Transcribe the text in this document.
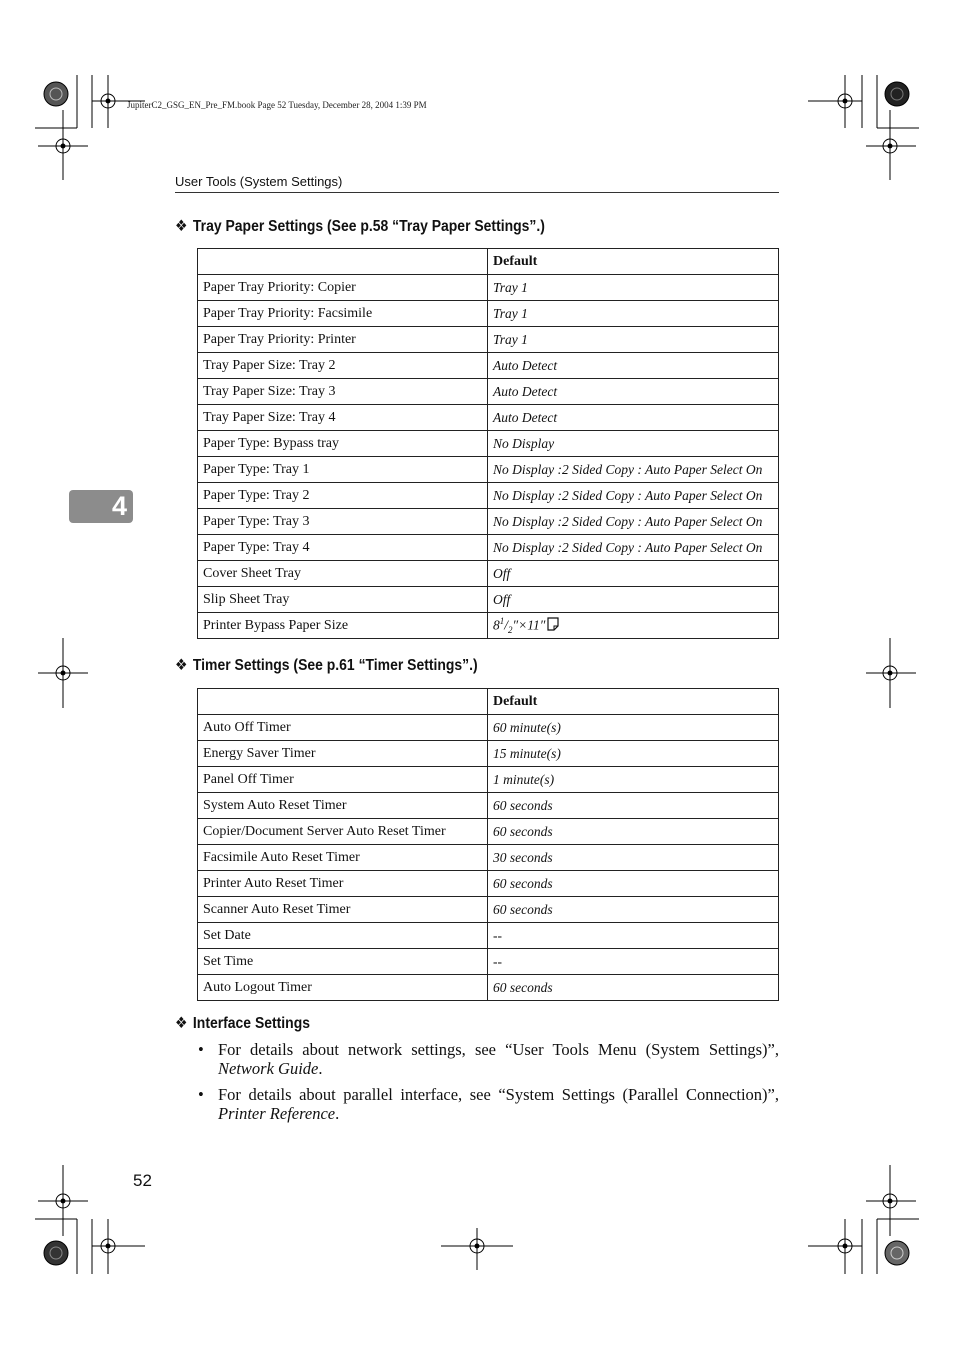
JupiterC2_GSG_EN_Pre_FM.book Page 52 Tuesday, December 28, 2004 1:39 PM
User Tools (System Settings)
4
❖ Tray Paper Settings (See p.58 “Tray Paper Settings”.)
	Default
Paper Tray Priority: Copier	Tray 1
Paper Tray Priority: Facsimile	Tray 1
Paper Tray Priority: Printer	Tray 1
Tray Paper Size: Tray 2	Auto Detect
Tray Paper Size: Tray 3	Auto Detect
Tray Paper Size: Tray 4	Auto Detect
Paper Type: Bypass tray	No Display
Paper Type: Tray 1	No Display :2 Sided Copy : Auto Paper Select On
Paper Type: Tray 2	No Display :2 Sided Copy : Auto Paper Select On
Paper Type: Tray 3	No Display :2 Sided Copy : Auto Paper Select On
Paper Type: Tray 4	No Display :2 Sided Copy : Auto Paper Select On
Cover Sheet Tray	Off
Slip Sheet Tray	Off
Printer Bypass Paper Size	$8^1/_2''\times 11''$
❖ Timer Settings (See p.61 “Timer Settings”.)
	Default
Auto Off Timer	60 minute(s)
Energy Saver Timer	15 minute(s)
Panel Off Timer	1 minute(s)
System Auto Reset Timer	60 seconds
Copier/Document Server Auto Reset Timer	60 seconds
Facsimile Auto Reset Timer	30 seconds
Printer Auto Reset Timer	60 seconds
Scanner Auto Reset Timer	60 seconds
Set Date	--
Set Time	--
Auto Logout Timer	60 seconds
❖ Interface Settings
• For details about network settings, see “User Tools Menu (System Settings)”, Network Guide.
• For details about parallel interface, see “System Settings (Parallel Connection)”, Printer Reference.
52
